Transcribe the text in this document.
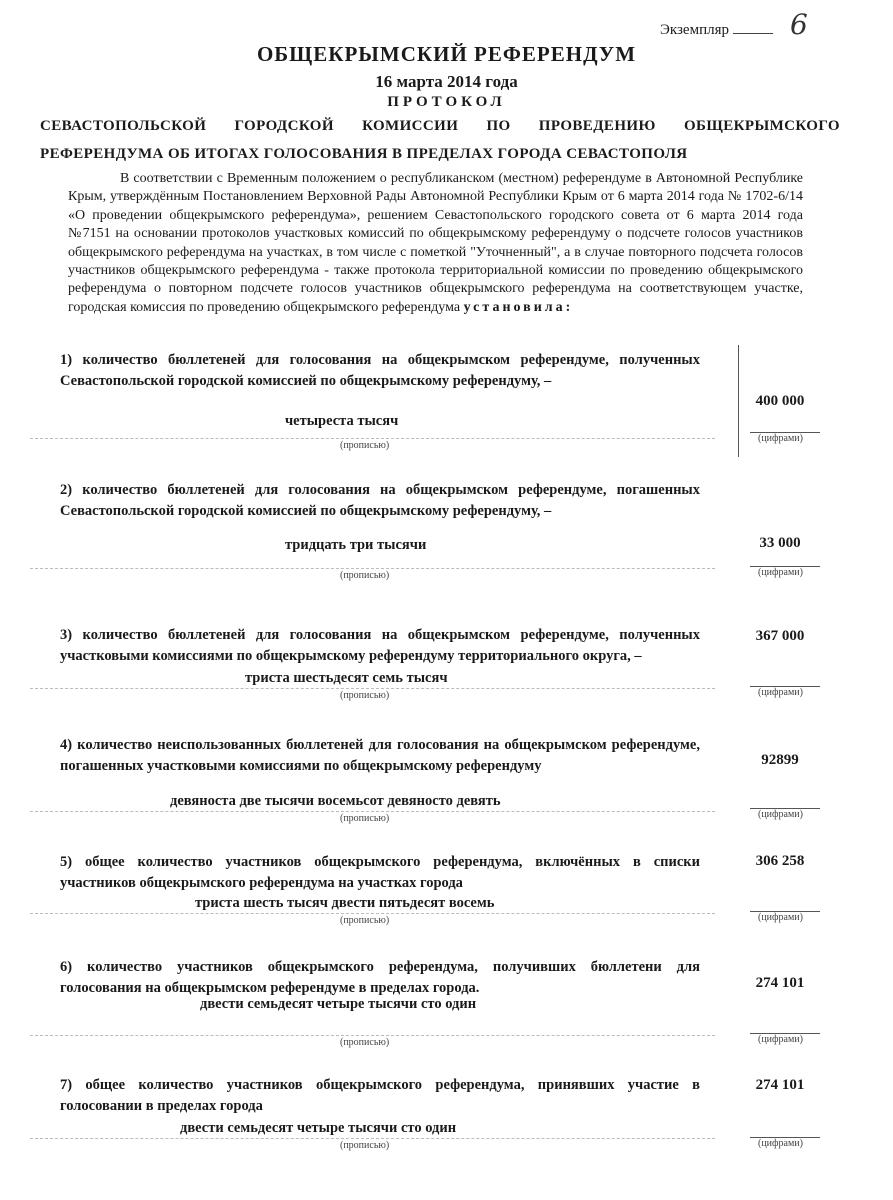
Экземпляр 6
ОБЩЕКРЫМСКИЙ РЕФЕРЕНДУМ
16 марта 2014 года
ПРОТОКОЛ
СЕВАСТОПОЛЬСКОЙ ГОРОДСКОЙ КОМИССИИ ПО ПРОВЕДЕНИЮ ОБЩЕКРЫМСКОГО РЕФЕРЕНДУМА ОБ ИТОГАХ ГОЛОСОВАНИЯ В ПРЕДЕЛАХ ГОРОДА СЕВАСТОПОЛЯ
В соответствии с Временным положением о республиканском (местном) референдуме в Автономной Республике Крым, утверждённым Постановлением Верховной Рады Автономной Республики Крым от 6 марта 2014 года № 1702-6/14 «О проведении общекрымского референдума», решением Севастопольского городского совета от 6 марта 2014 года №7151 на основании протоколов участковых комиссий по общекрымскому референдуму о подсчете голосов участников общекрымского референдума на участках, в том числе с пометкой "Уточненный", а в случае повторного подсчета голосов участников общекрымского референдума - также протокола территориальной комиссии по проведению общекрымского референдума о повторном подсчете голосов участников общекрымского референдума на соответствующем участке, городская комиссия по проведению общекрымского референдума установила:
1) количество бюллетеней для голосования на общекрымском референдуме, полученных Севастопольской городской комиссией по общекрымскому референдуму, –
четыреста тысяч
(прописью)
400 000
(цифрами)
2) количество бюллетеней для голосования на общекрымском референдуме, погашенных Севастопольской городской комиссией по общекрымскому референдуму, –
тридцать три тысячи
(прописью)
33 000
(цифрами)
3) количество бюллетеней для голосования на общекрымском референдуме, полученных участковыми комиссиями по общекрымскому референдуму территориального округа, –
триста шестьдесят семь тысяч
(прописью)
367 000
(цифрами)
4) количество неиспользованных бюллетеней для голосования на общекрымском референдуме, погашенных участковыми комиссиями по общекрымскому референдуму
девяноста две тысячи восемьсот девяносто девять
(прописью)
92899
(цифрами)
5) общее количество участников общекрымского референдума, включённых в списки участников общекрымского референдума на участках города
триста шесть тысяч двести пятьдесят восемь
(прописью)
306 258
(цифрами)
6) количество участников общекрымского референдума, получивших бюллетени для голосования на общекрымском референдуме в пределах города.
двести семьдесят четыре тысячи сто один
(прописью)
274 101
(цифрами)
7) общее количество участников общекрымского референдума, принявших участие в голосовании в пределах города
двести семьдесят четыре тысячи сто один
(прописью)
274 101
(цифрами)
